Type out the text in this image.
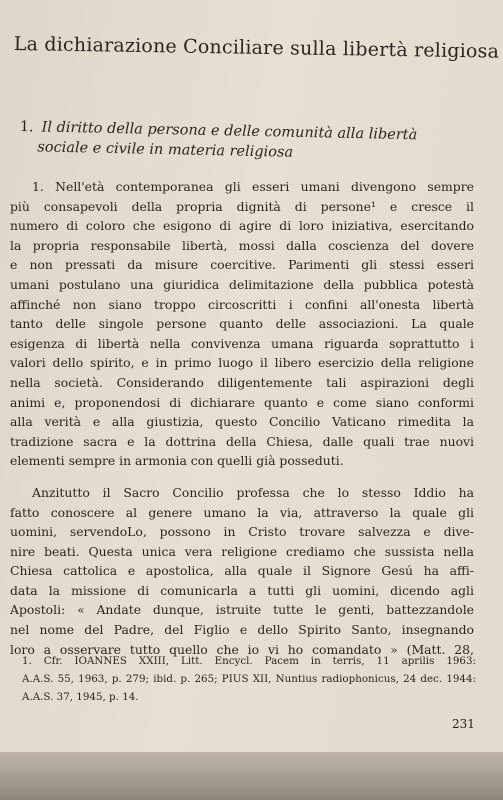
La dichiarazione Conciliare sulla libertà religiosa
1. Il diritto della persona e delle comunità alla libertà
sociale e civile in materia religiosa
1. Nell'età contemporanea gli esseri umani divengono sempre
più consapevoli della propria dignità di persone¹ e cresce il
numero di coloro che esigono di agire di loro iniziativa, esercitando
la propria responsabile libertà, mossi dalla coscienza del dovere
e non pressati da misure coercitive. Parimenti gli stessi esseri
umani postulano una giuridica delimitazione della pubblica potestà
affinché non siano troppo circoscritti i confini all'onesta libertà
tanto delle singole persone quanto delle associazioni. La quale
esigenza di libertà nella convivenza umana riguarda soprattutto i
valori dello spirito, e in primo luogo il libero esercizio della religione
nella società. Considerando diligentemente tali aspirazioni degli
animi e, proponendosi di dichiarare quanto e come siano conformi
alla verità e alla giustizia, questo Concilio Vaticano rimedita la
tradizione sacra e la dottrina della Chiesa, dalle quali trae nuovi
elementi sempre in armonia con quelli già posseduti.
Anzitutto il Sacro Concilio professa che lo stesso Iddio ha
fatto conoscere al genere umano la via, attraverso la quale gli
uomini, servendoLo, possono in Cristo trovare salvezza e dive-
nire beati. Questa unica vera religione crediamo che sussista nella
Chiesa cattolica e apostolica, alla quale il Signore Gesú ha affi-
data la missione di comunicarla a tutti gli uomini, dicendo agli
Apostoli: « Andate dunque, istruite tutte le genti, battezzandole
nel nome del Padre, del Figlio e dello Spirito Santo, insegnando
loro a osservare tutto quello che io vi ho comandato » (Matt. 28,
1. Cfr. IOANNES XXIII, Litt. Encycl. Pacem in terris, 11 aprilis 1963:
A.A.S. 55, 1963, p. 279; ibid. p. 265; PIUS XII, Nuntius radiophonicus, 24 dec. 1944:
A.A.S. 37, 1945, p. 14.
231
